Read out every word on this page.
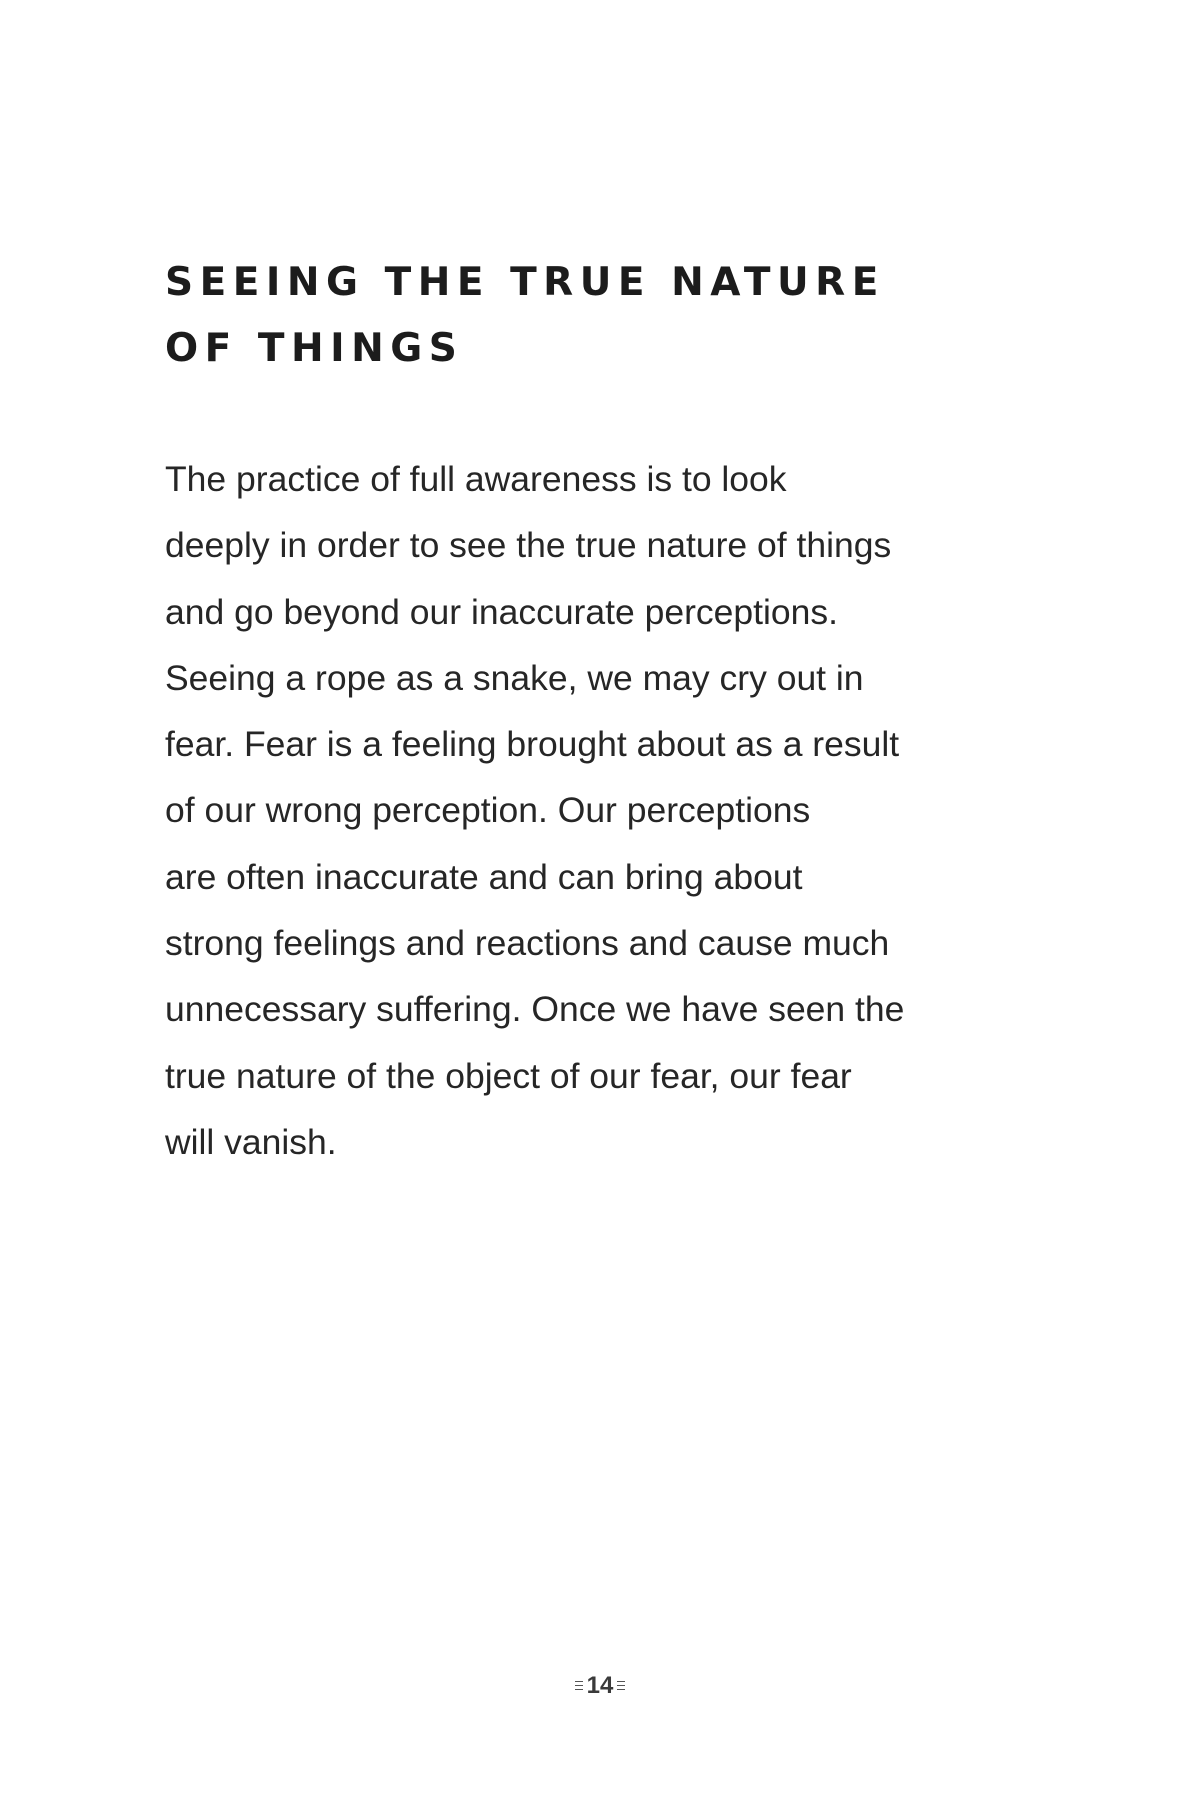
SEEING THE TRUE NATURE
OF THINGS

The practice of full awareness is to look
deeply in order to see the true nature of things
and go beyond our inaccurate perceptions.
Seeing a rope as a snake, we may cry out in
fear. Fear is a feeling brought about as a result
of our wrong perception. Our perceptions
are often inaccurate and can bring about
strong feelings and reactions and cause much
unnecessary suffering. Once we have seen the
true nature of the object of our fear, our fear
will vanish.

14
